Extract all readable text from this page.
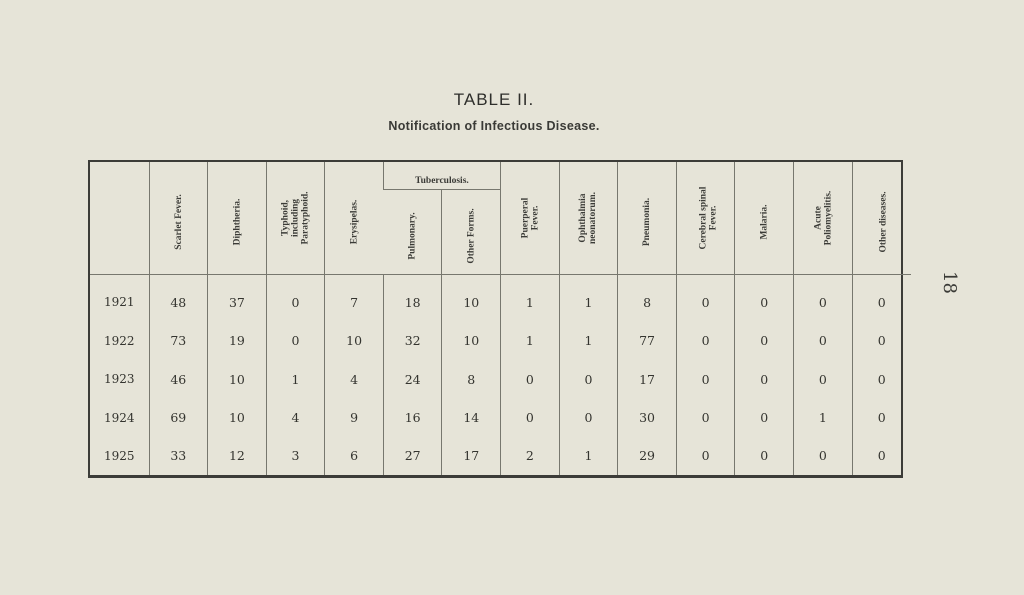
TABLE II.
Notification of Infectious Disease.
18
	Scarlet Fever.	Diphtheria.	Typhoid,
including
Paratyphoid.	Erysipelas.	Tuberculosis.		Puerperal
Fever.	Ophthalmia
neonatorum.	Pneumonia.	Cerebral spinal
Fever.	Malaria.	Acute
Poliomyelitis.	Other diseases.
					Pulmonary.	Other Forms.							
1921	48	37	0	7	18	10	1	1	8	0	0	0	0
1922	73	19	0	10	32	10	1	1	77	0	0	0	0
1923	46	10	1	4	24	8	0	0	17	0	0	0	0
1924	69	10	4	9	16	14	0	0	30	0	0	1	0
1925	33	12	3	6	27	17	2	1	29	0	0	0	0
